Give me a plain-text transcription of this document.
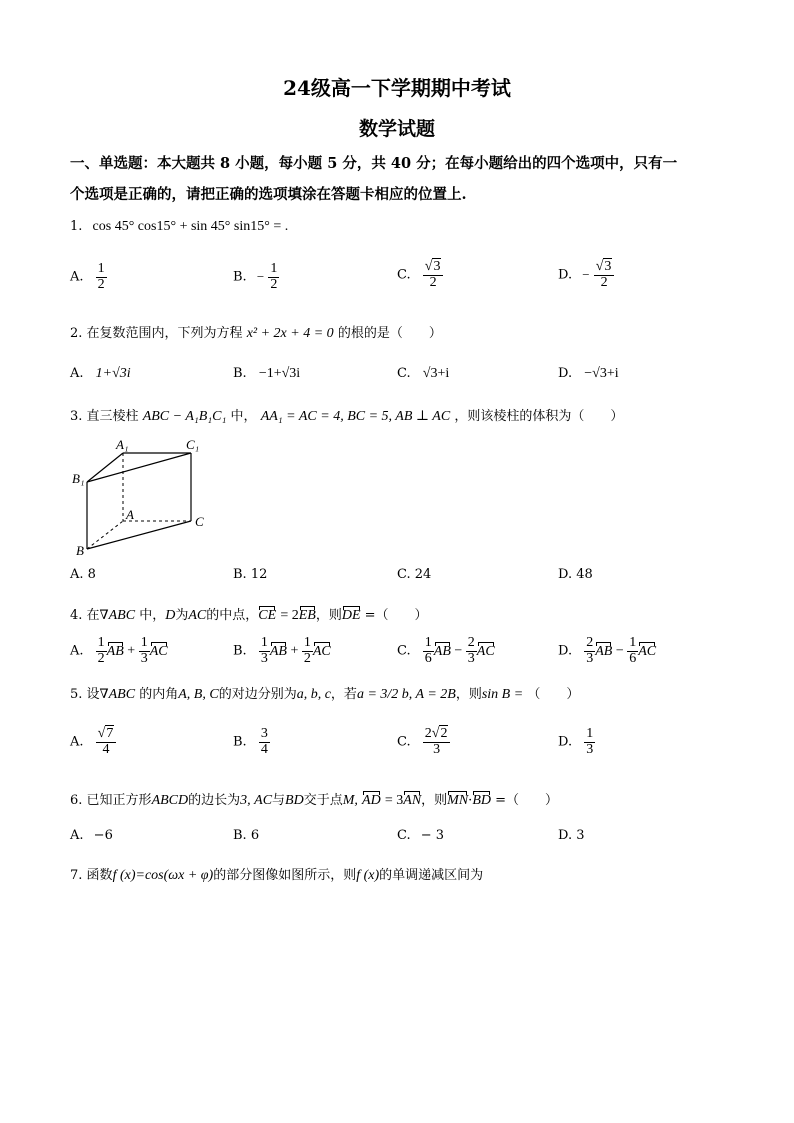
24级高一下学期期中考试
数学试题
一、单选题：本大题共 8 小题，每小题 5 分，共 40 分；在每小题给出的四个选项中，只有一
个选项是正确的，请把正确的选项填涂在答题卡相应的位置上.
1. cos 45° cos15° + sin 45° sin15° = .
A. $\frac{1}{2}$	B. − $\frac{1}{2}$	C. $\frac{√3}{2}$	D. − $\frac{√3}{2}$
2. 在复数范围内，下列为方程 x² + 2x + 4 = 0 的根的是（　　）
A. 1+√3i	B. −1+√3i	C. √3+i	D. −√3+i
3. 直三棱柱 ABC − A₁B₁C₁ 中， AA₁ = AC = 4, BC = 5, AB ⊥ AC ，则该棱柱的体积为（　　）
A₁	C₁
B₁
A	C
B
A. 8	B. 12	C. 24	D. 48
4. 在∇ABC 中，D为AC的中点，CE = 2EB，则DE =（　　）
A. $\frac{1}{2}$ AB + $\frac{1}{3}$ AC	B. $\frac{1}{3}$ AB + $\frac{1}{2}$ AC	C. $\frac{1}{6}$ AB − $\frac{2}{3}$ AC	D. $\frac{2}{3}$ AB − $\frac{1}{6}$ AC
5. 设∇ABC 的内角A, B, C的对边分别为a, b, c，若a = 3/2 b, A = 2B，则sin B = （　　）
A. $\frac{√7}{4}$	B. $\frac{3}{4}$	C. $\frac{2√2}{3}$	D. $\frac{1}{3}$
6. 已知正方形ABCD的边长为3, AC与BD交于点M, AD = 3AN，则MN·BD =（　　）
A. −6	B. 6	C. − 3	D. 3
7. 函数f (x)=cos(ωx + φ)的部分图像如图所示，则f (x)的单调递减区间为
